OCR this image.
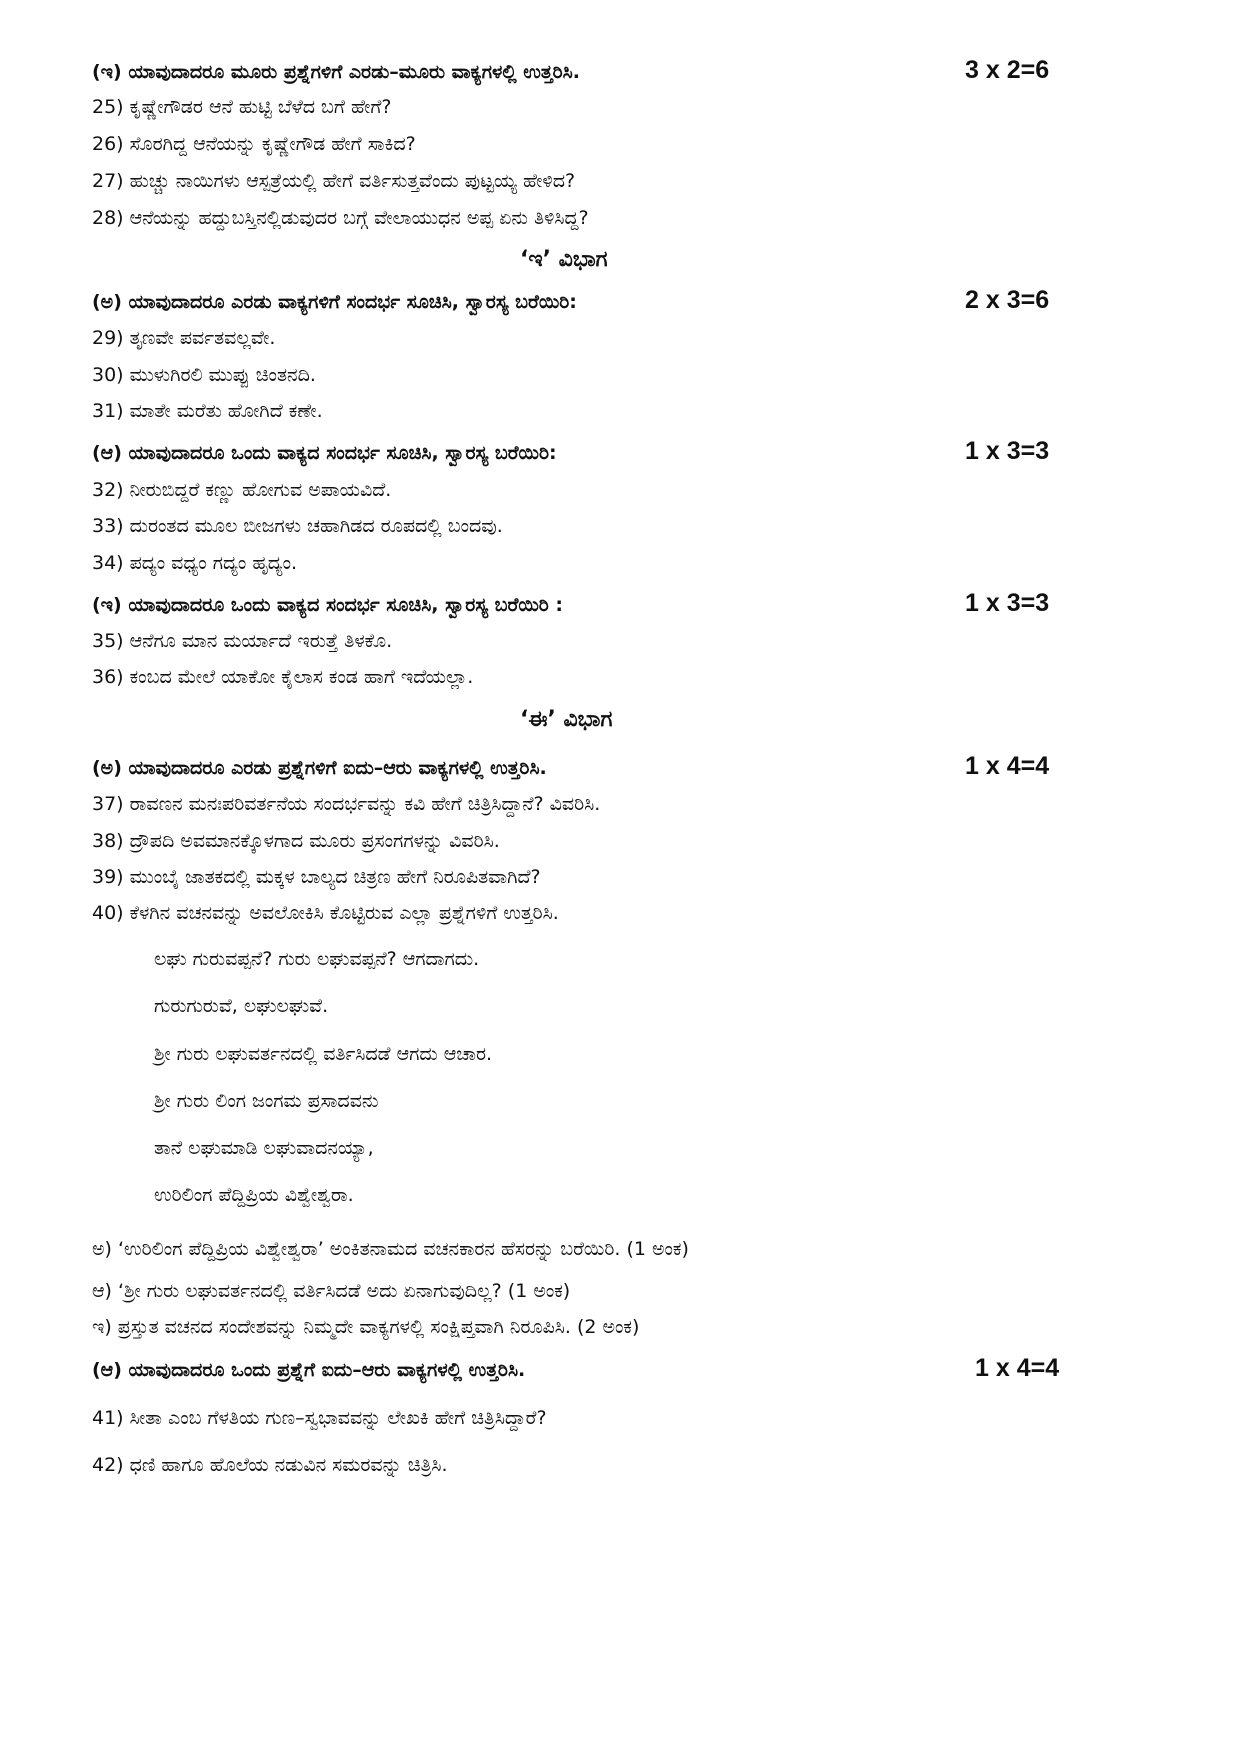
(ಇ) ಯಾವುದಾದರೂ ಮೂರು ಪ್ರಶ್ನೆಗಳಿಗೆ ಎರಡು–ಮೂರು ವಾಕ್ಯಗಳಲ್ಲಿ ಉತ್ತರಿಸಿ.	3 x 2=6
25) ಕೃಷ್ಣೇಗೌಡರ ಆನೆ ಹುಟ್ಟಿ ಬೆಳೆದ ಬಗೆ ಹೇಗೆ?
26) ಸೊರಗಿದ್ದ ಆನೆಯನ್ನು ಕೃಷ್ಣೇಗೌಡ ಹೇಗೆ ಸಾಕಿದ?
27) ಹುಚ್ಚು ನಾಯಿಗಳು ಆಸ್ಪತ್ರೆಯಲ್ಲಿ ಹೇಗೆ ವರ್ತಿಸುತ್ತವೆಂದು ಪುಟ್ಟಯ್ಯ ಹೇಳಿದ?
28) ಆನೆಯನ್ನು ಹದ್ದುಬಸ್ತಿನಲ್ಲಿಡುವುದರ ಬಗ್ಗೆ ವೇಲಾಯುಧನ ಅಪ್ಪ ಏನು ತಿಳಿಸಿದ್ದ?
‘ಇ’ ವಿಭಾಗ
(ಅ) ಯಾವುದಾದರೂ ಎರಡು ವಾಕ್ಯಗಳಿಗೆ ಸಂದರ್ಭ ಸೂಚಿಸಿ, ಸ್ವಾರಸ್ಯ ಬರೆಯಿರಿ:	2 x 3=6
29) ತೃಣವೇ ಪರ್ವತವಲ್ಲವೇ.
30) ಮುಳುಗಿರಲಿ ಮುಪ್ಪು ಚಿಂತನದಿ.
31) ಮಾತೇ ಮರೆತು ಹೋಗಿದೆ ಕಣೇ.
(ಆ) ಯಾವುದಾದರೂ ಒಂದು ವಾಕ್ಯದ ಸಂದರ್ಭ ಸೂಚಿಸಿ, ಸ್ವಾರಸ್ಯ ಬರೆಯಿರಿ:	1 x 3=3
32) ನೀರುಬಿದ್ದರೆ ಕಣ್ಣು ಹೋಗುವ ಅಪಾಯವಿದೆ.
33) ದುರಂತದ ಮೂಲ ಬೀಜಗಳು ಚಹಾಗಿಡದ ರೂಪದಲ್ಲಿ ಬಂದವು.
34) ಪದ್ಯಂ ವಧ್ಯಂ ಗದ್ಯಂ ಹೃದ್ಯಂ.
(ಇ) ಯಾವುದಾದರೂ ಒಂದು ವಾಕ್ಯದ ಸಂದರ್ಭ ಸೂಚಿಸಿ, ಸ್ವಾರಸ್ಯ ಬರೆಯಿರಿ :	1 x 3=3
35) ಆನೆಗೂ ಮಾನ ಮರ್ಯಾದೆ ಇರುತ್ತೆ ತಿಳಕೊ.
36) ಕಂಬದ ಮೇಲೆ ಯಾಕೋ ಕೈಲಾಸ ಕಂಡ ಹಾಗೆ ಇದೆಯಲ್ಲಾ.
‘ಈ’ ವಿಭಾಗ
(ಅ) ಯಾವುದಾದರೂ ಎರಡು ಪ್ರಶ್ನೆಗಳಿಗೆ ಐದು–ಆರು ವಾಕ್ಯಗಳಲ್ಲಿ ಉತ್ತರಿಸಿ.	1 x 4=4
37) ರಾವಣನ ಮನಃಪರಿವರ್ತನೆಯ ಸಂದರ್ಭವನ್ನು ಕವಿ ಹೇಗೆ ಚಿತ್ರಿಸಿದ್ದಾನೆ? ವಿವರಿಸಿ.
38) ದ್ರೌಪದಿ ಅವಮಾನಕ್ಕೊಳಗಾದ ಮೂರು ಪ್ರಸಂಗಗಳನ್ನು ವಿವರಿಸಿ.
39) ಮುಂಬೈ ಜಾತಕದಲ್ಲಿ ಮಕ್ಕಳ ಬಾಲ್ಯದ ಚಿತ್ರಣ ಹೇಗೆ ನಿರೂಪಿತವಾಗಿದೆ?
40) ಕೆಳಗಿನ ವಚನವನ್ನು ಅವಲೋಕಿಸಿ ಕೊಟ್ಟಿರುವ ಎಲ್ಲಾ ಪ್ರಶ್ನೆಗಳಿಗೆ ಉತ್ತರಿಸಿ.
ಲಘು ಗುರುವಪ್ಪನೆ? ಗುರು ಲಘುವಪ್ಪನೆ? ಆಗದಾಗದು.
ಗುರುಗುರುವೆ, ಲಘುಲಘುವೆ.
ಶ್ರೀ ಗುರು ಲಘುವರ್ತನದಲ್ಲಿ ವರ್ತಿಸಿದಡೆ ಆಗದು ಆಚಾರ.
ಶ್ರೀ ಗುರು ಲಿಂಗ ಜಂಗಮ ಪ್ರಸಾದವನು
ತಾನೆ ಲಘುಮಾಡಿ ಲಘುವಾದನಯ್ಯಾ,
ಉರಿಲಿಂಗ ಪೆದ್ದಿಪ್ರಿಯ ವಿಶ್ವೇಶ್ವರಾ.
ಅ) ‘ಉರಿಲಿಂಗ ಪೆದ್ದಿಪ್ರಿಯ ವಿಶ್ವೇಶ್ವರಾ’ ಅಂಕಿತನಾಮದ ವಚನಕಾರನ ಹೆಸರನ್ನು ಬರೆಯಿರಿ. (1 ಅಂಕ)
ಆ) ‘ಶ್ರೀ ಗುರು ಲಘುವರ್ತನದಲ್ಲಿ ವರ್ತಿಸಿದಡೆ ಅದು ಏನಾಗುವುದಿಲ್ಲ? (1 ಅಂಕ)
ಇ) ಪ್ರಸ್ತುತ ವಚನದ ಸಂದೇಶವನ್ನು ನಿಮ್ಮದೇ ವಾಕ್ಯಗಳಲ್ಲಿ ಸಂಕ್ಷಿಪ್ತವಾಗಿ ನಿರೂಪಿಸಿ. (2 ಅಂಕ)
(ಆ) ಯಾವುದಾದರೂ ಒಂದು ಪ್ರಶ್ನೆಗೆ ಐದು–ಆರು ವಾಕ್ಯಗಳಲ್ಲಿ ಉತ್ತರಿಸಿ.	1 x 4=4
41) ಸೀತಾ ಎಂಬ ಗೆಳತಿಯ ಗುಣ–ಸ್ವಭಾವವನ್ನು ಲೇಖಕಿ ಹೇಗೆ ಚಿತ್ರಿಸಿದ್ದಾರೆ?
42) ಧಣಿ ಹಾಗೂ ಹೊಲೆಯ ನಡುವಿನ ಸಮರವನ್ನು ಚಿತ್ರಿಸಿ.
